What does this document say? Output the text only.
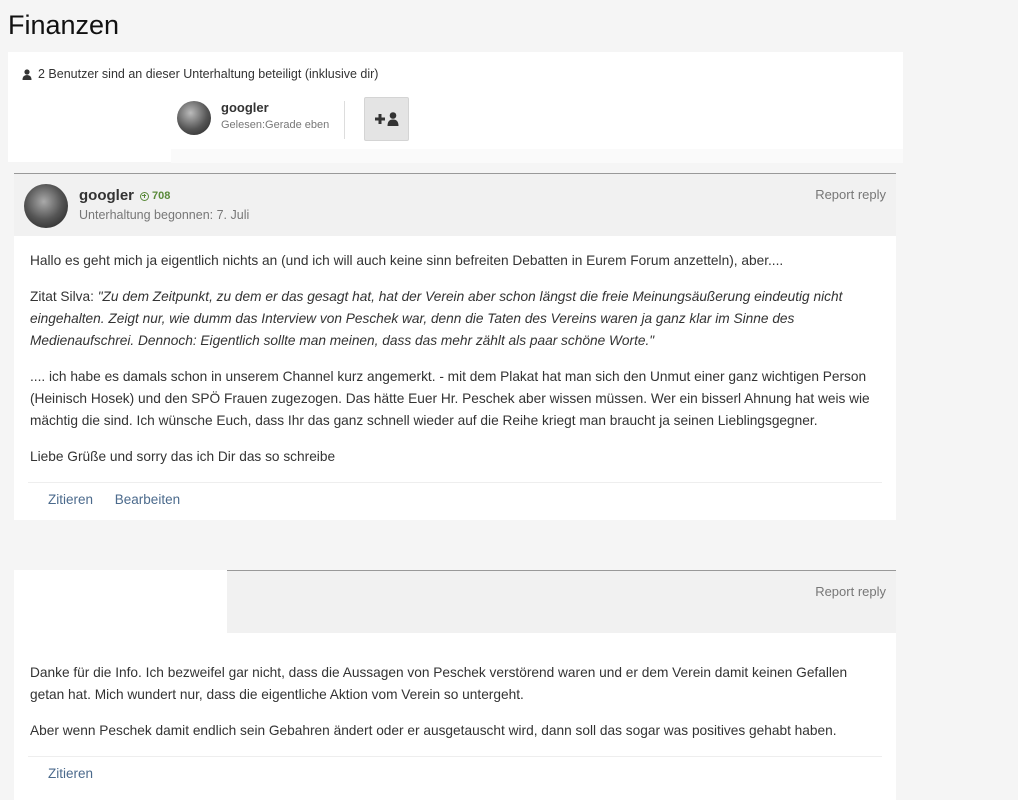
Finanzen
2 Benutzer sind an dieser Unterhaltung beteiligt (inklusive dir)
googler
Gelesen:Gerade eben
googler 708
Unterhaltung begonnen: 7. Juli
Report reply

Hallo es geht mich ja eigentlich nichts an (und ich will auch keine sinn befreiten Debatten in Eurem Forum anzetteln), aber....

Zitat Silva: "Zu dem Zeitpunkt, zu dem er das gesagt hat, hat der Verein aber schon längst die freie Meinungsäußerung eindeutig nicht eingehalten. Zeigt nur, wie dumm das Interview von Peschek war, denn die Taten des Vereins waren ja ganz klar im Sinne des Medienaufschrei. Dennoch: Eigentlich sollte man meinen, dass das mehr zählt als paar schöne Worte."

.... ich habe es damals schon in unserem Channel kurz angemerkt. - mit dem Plakat hat man sich den Unmut einer ganz wichtigen Person (Heinisch Hosek) und den SPÖ Frauen zugezogen. Das hätte Euer Hr. Peschek aber wissen müssen. Wer ein bisserl Ahnung hat weis wie mächtig die sind. Ich wünsche Euch, dass Ihr das ganz schnell wieder auf die Reihe kriegt man braucht ja seinen Lieblingsgegner.

Liebe Grüße und sorry das ich Dir das so schreibe

Zitieren Bearbeiten
Report reply

Danke für die Info. Ich bezweifel gar nicht, dass die Aussagen von Peschek verstörend waren und er dem Verein damit keinen Gefallen getan hat. Mich wundert nur, dass die eigentliche Aktion vom Verein so untergeht.

Aber wenn Peschek damit endlich sein Gebahren ändert oder er ausgetauscht wird, dann soll das sogar was positives gehabt haben.

Zitieren
